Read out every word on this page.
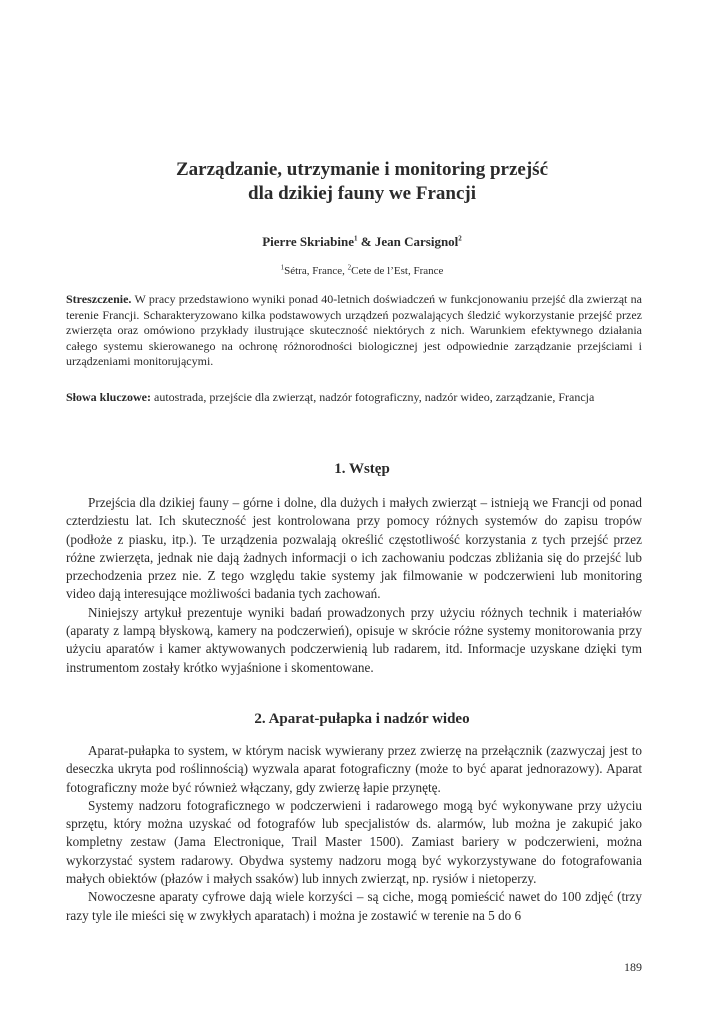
Zarządzanie, utrzymanie i monitoring przejść
dla dzikiej fauny we Francji
Pierre Skriabine$^1$ & Jean Carsignol$^2$
$^1$Sétra, France, $^2$Cete de l’Est, France
Streszczenie. W pracy przedstawiono wyniki ponad 40-letnich doświadczeń w funkcjonowaniu przejść dla zwierząt na terenie Francji. Scharakteryzowano kilka podstawowych urządzeń pozwalających śledzić wykorzystanie przejść przez zwierzęta oraz omówiono przykłady ilustrujące skuteczność niektórych z nich. Warunkiem efektywnego działania całego systemu skierowanego na ochronę różnorodności biologicznej jest odpowiednie zarządzanie przejściami i urządzeniami monitorującymi.
Słowa kluczowe: autostrada, przejście dla zwierząt, nadzór fotograficzny, nadzór wideo, zarządzanie, Francja
1. Wstęp

Przejścia dla dzikiej fauny – górne i dolne, dla dużych i małych zwierząt – istnieją we Francji od ponad czterdziestu lat. Ich skuteczność jest kontrolowana przy pomocy różnych systemów do zapisu tropów (podłoże z piasku, itp.). Te urządzenia pozwalają określić częstotliwość korzystania z tych przejść przez różne zwierzęta, jednak nie dają żadnych informacji o ich zachowaniu podczas zbliżania się do przejść lub przechodzenia przez nie. Z tego względu takie systemy jak filmowanie w podczerwieni lub monitoring video dają interesujące możliwości badania tych zachowań.

Niniejszy artykuł prezentuje wyniki badań prowadzonych przy użyciu różnych technik i materiałów (aparaty z lampą błyskową, kamery na podczerwień), opisuje w skrócie różne systemy monitorowania przy użyciu aparatów i kamer aktywowanych podczerwienią lub radarem, itd. Informacje uzyskane dzięki tym instrumentom zostały krótko wyjaśnione i skomentowane.

2. Aparat-pułapka i nadzór wideo

Aparat-pułapka to system, w którym nacisk wywierany przez zwierzę na przełącznik (zazwyczaj jest to deseczka ukryta pod roślinnością) wyzwala aparat fotograficzny (może to być aparat jednorazowy). Aparat fotograficzny może być również włączany, gdy zwierzę łapie przynętę.

Systemy nadzoru fotograficznego w podczerwieni i radarowego mogą być wykonywane przy użyciu sprzętu, który można uzyskać od fotografów lub specjalistów ds. alarmów, lub można je zakupić jako kompletny zestaw (Jama Electronique, Trail Master 1500). Zamiast bariery w podczerwieni, można wykorzystać system radarowy. Obydwa systemy nadzoru mogą być wykorzystywane do fotografowania małych obiektów (płazów i małych ssaków) lub innych zwierząt, np. rysiów i nietoperzy.

Nowoczesne aparaty cyfrowe dają wiele korzyści – są ciche, mogą pomieścić nawet do 100 zdjęć (trzy razy tyle ile mieści się w zwykłych aparatach) i można je zostawić w terenie na 5 do 6

189
